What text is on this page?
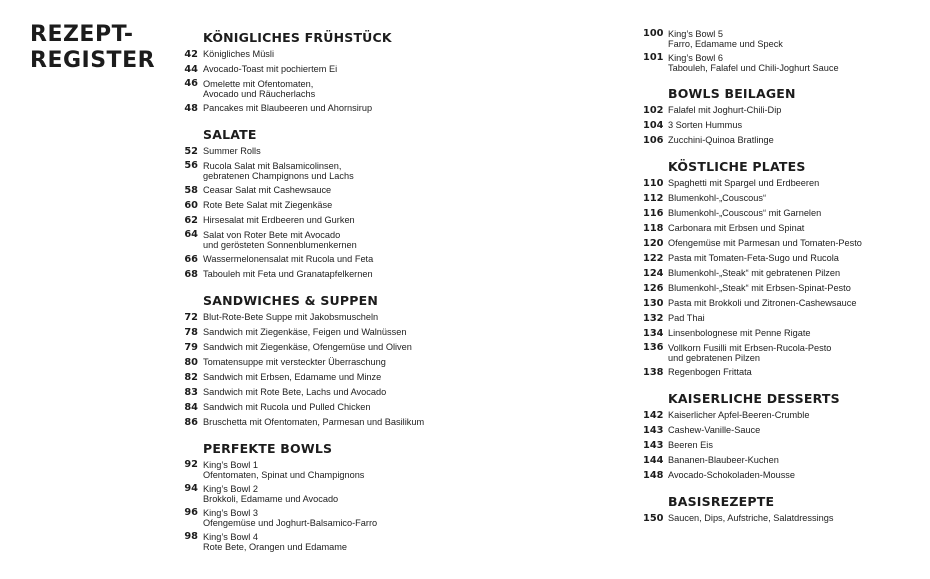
REZEPT-
REGISTER
KÖNIGLICHES FRÜHSTÜCK
42 Königliches Müsli
44 Avocado-Toast mit pochiertem Ei
46 Omelette mit Ofentomaten,
Avocado und Räucherlachs
48 Pancakes mit Blaubeeren und Ahornsirup
SALATE
52 Summer Rolls
56 Rucola Salat mit Balsamicolinsen,
gebratenen Champignons und Lachs
58 Ceasar Salat mit Cashewsauce
60 Rote Bete Salat mit Ziegenkäse
62 Hirsesalat mit Erdbeeren und Gurken
64 Salat von Roter Bete mit Avocado
und gerösteten Sonnenblumenkernen
66 Wassermelonensalat mit Rucola und Feta
68 Tabouleh mit Feta und Granatapfelkernen
SANDWICHES & SUPPEN
72 Blut-Rote-Bete Suppe mit Jakobsmuscheln
78 Sandwich mit Ziegenkäse, Feigen und Walnüssen
79 Sandwich mit Ziegenkäse, Ofengemüse und Oliven
80 Tomatensuppe mit versteckter Überraschung
82 Sandwich mit Erbsen, Edamame und Minze
83 Sandwich mit Rote Bete, Lachs und Avocado
84 Sandwich mit Rucola und Pulled Chicken
86 Bruschetta mit Ofentomaten, Parmesan und Basilikum
PERFEKTE BOWLS
92 King’s Bowl 1
Ofentomaten, Spinat und Champignons
94 King’s Bowl 2
Brokkoli, Edamame und Avocado
96 King’s Bowl 3
Ofengemüse und Joghurt-Balsamico-Farro
98 King’s Bowl 4
Rote Bete, Orangen und Edamame
100 King’s Bowl 5
Farro, Edamame und Speck
101 King’s Bowl 6
Tabouleh, Falafel und Chili-Joghurt Sauce
BOWLS BEILAGEN
102 Falafel mit Joghurt-Chili-Dip
104 3 Sorten Hummus
106 Zucchini-Quinoa Bratlinge
KÖSTLICHE PLATES
110 Spaghetti mit Spargel und Erdbeeren
112 Blumenkohl-„Couscous“
116 Blumenkohl-„Couscous“ mit Garnelen
118 Carbonara mit Erbsen und Spinat
120 Ofengemüse mit Parmesan und Tomaten-Pesto
122 Pasta mit Tomaten-Feta-Sugo und Rucola
124 Blumenkohl-„Steak“ mit gebratenen Pilzen
126 Blumenkohl-„Steak“ mit Erbsen-Spinat-Pesto
130 Pasta mit Brokkoli und Zitronen-Cashewsauce
132 Pad Thai
134 Linsenbolognese mit Penne Rigate
136 Vollkorn Fusilli mit Erbsen-Rucola-Pesto
und gebratenen Pilzen
138 Regenbogen Frittata
KAISERLICHE DESSERTS
142 Kaiserlicher Apfel-Beeren-Crumble
143 Cashew-Vanille-Sauce
143 Beeren Eis
144 Bananen-Blaubeer-Kuchen
148 Avocado-Schokoladen-Mousse
BASISREZEPTE
150 Saucen, Dips, Aufstriche, Salatdressings
